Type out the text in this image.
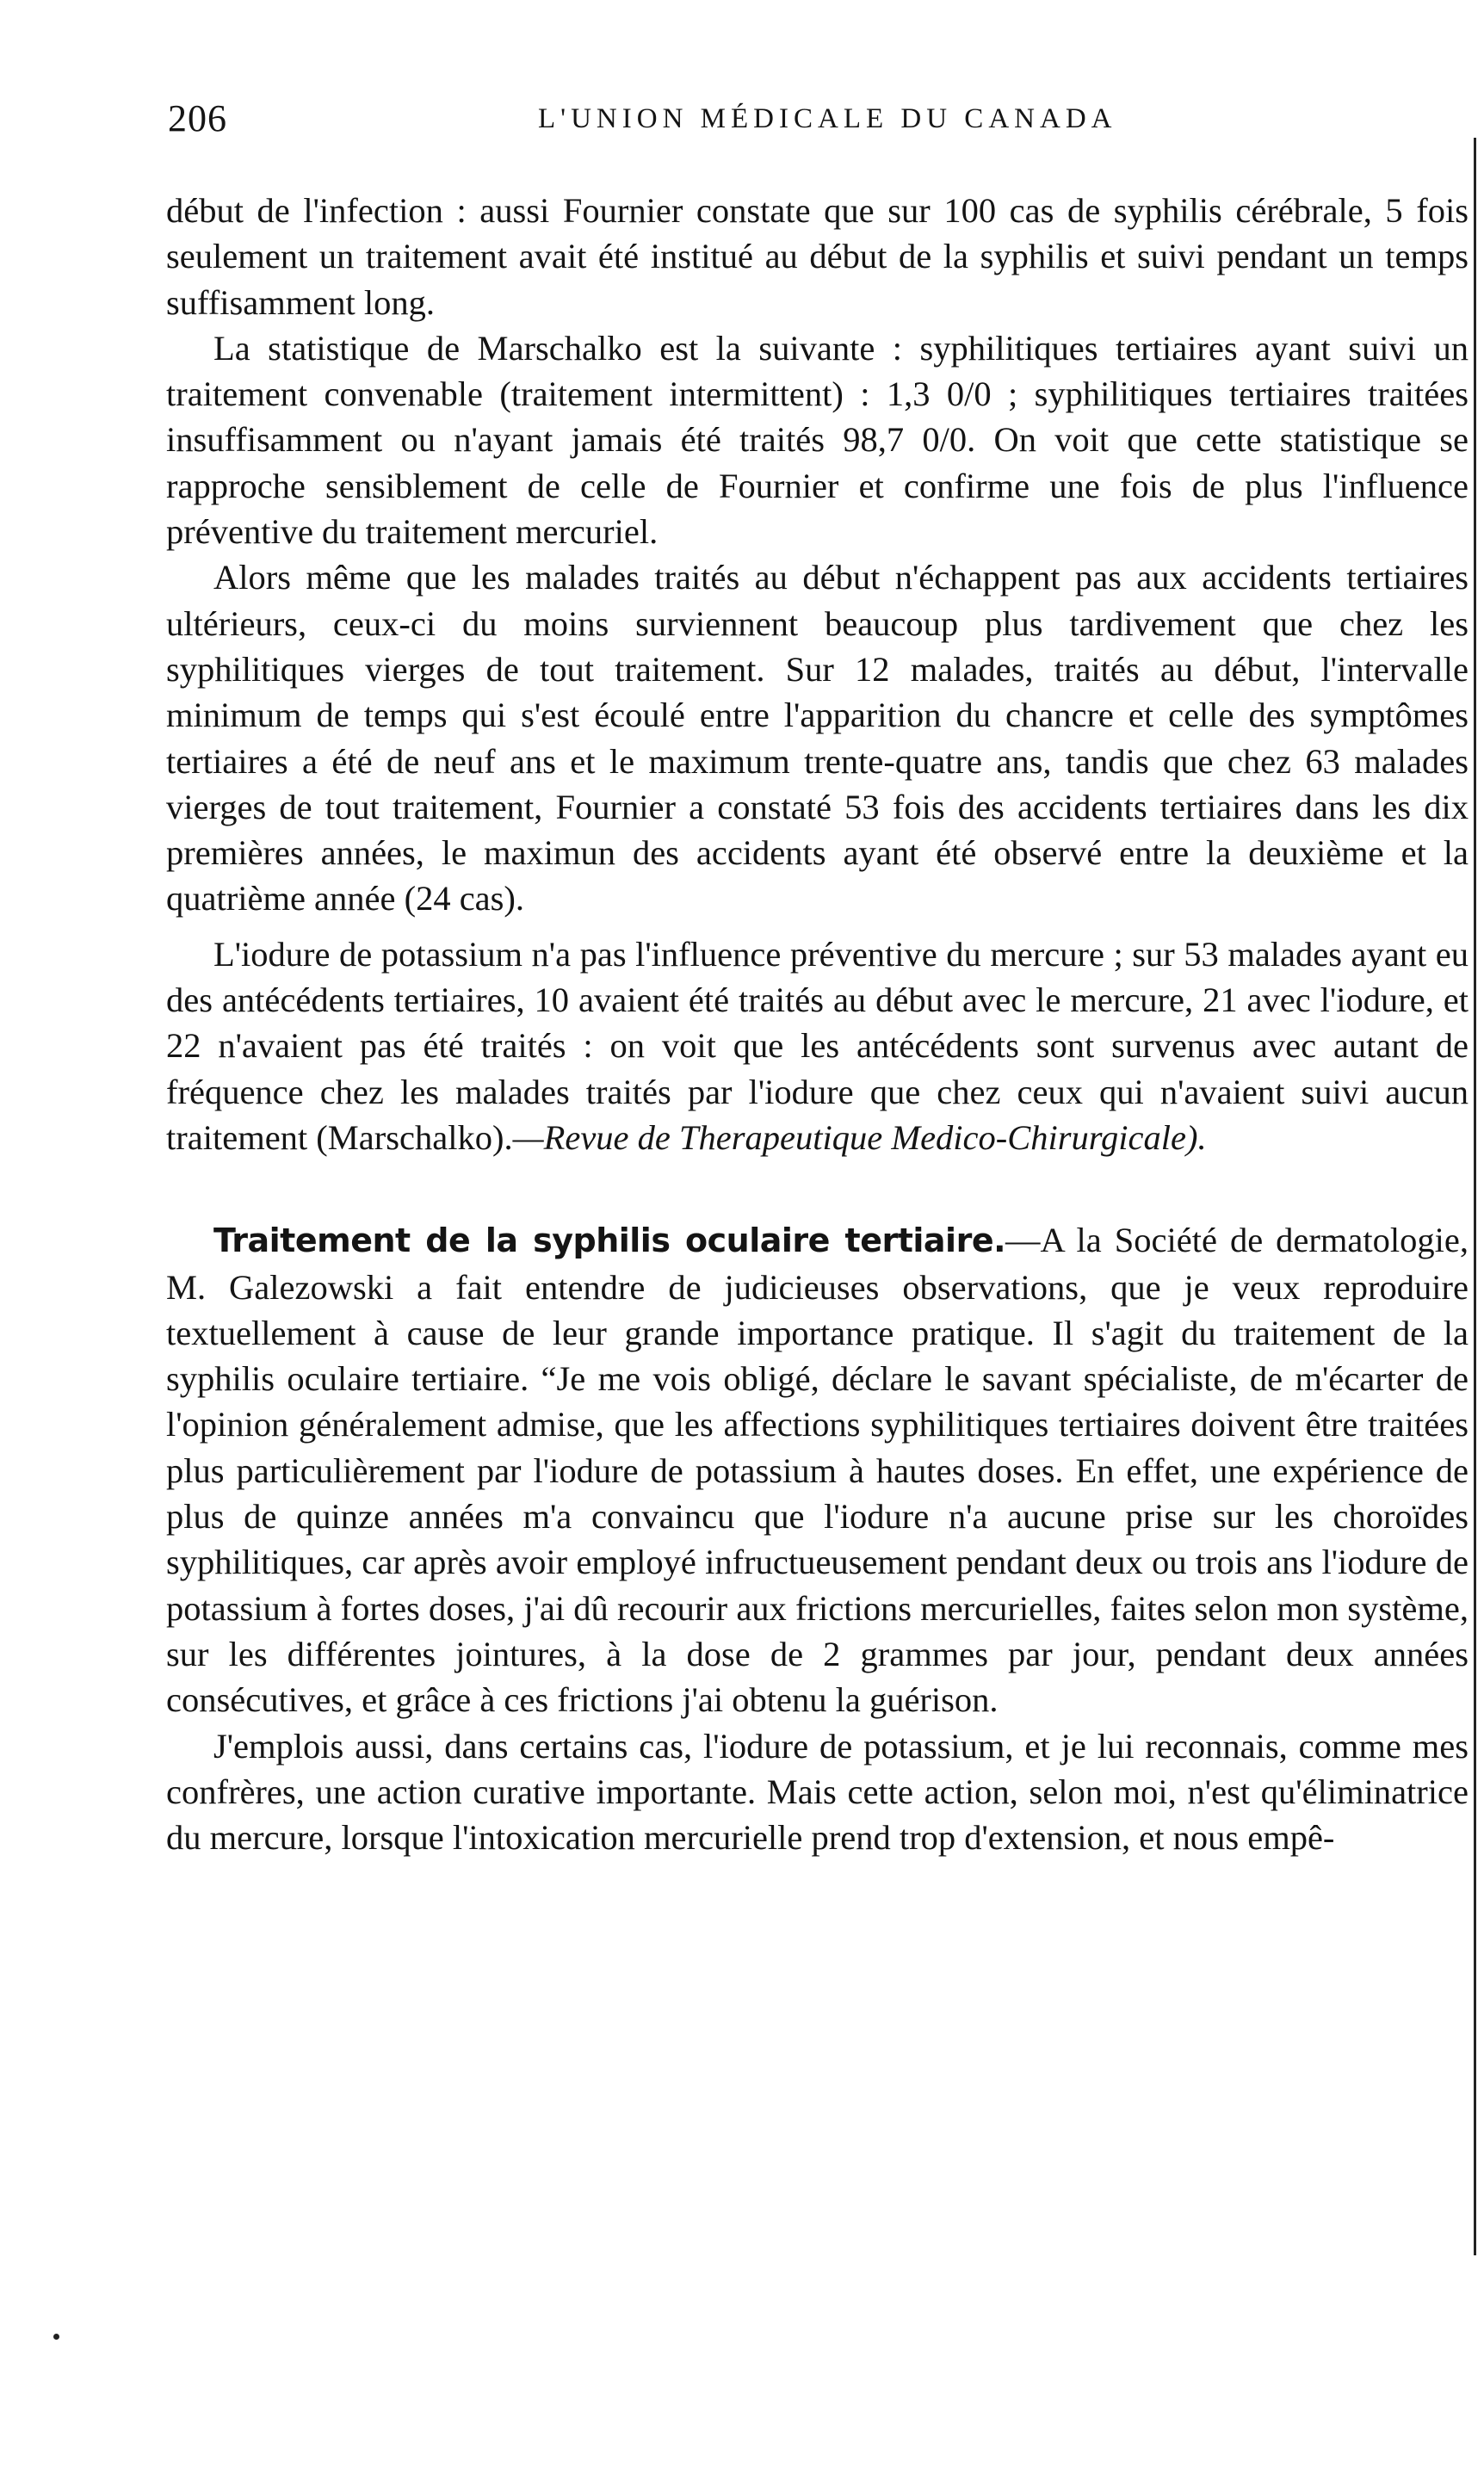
206	L'UNION MÉDICALE DU CANADA

début de l'infection : aussi Fournier constate que sur 100 cas de syphilis cérébrale, 5 fois seulement un traitement avait été institué au début de la syphilis et suivi pendant un temps suffisamment long.

La statistique de Marschalko est la suivante : syphilitiques tertiaires ayant suivi un traitement convenable (traitement intermittent) : 1,3 0/0 ; syphilitiques tertiaires traitées insuffisamment ou n'ayant jamais été traités 98,7 0/0. On voit que cette statistique se rapproche sensiblement de celle de Fournier et confirme une fois de plus l'influence préventive du traitement mercuriel.

Alors même que les malades traités au début n'échappent pas aux accidents tertiaires ultérieurs, ceux-ci du moins surviennent beaucoup plus tardivement que chez les syphilitiques vierges de tout traitement. Sur 12 malades, traités au début, l'intervalle minimum de temps qui s'est écoulé entre l'apparition du chancre et celle des symptômes tertiaires a été de neuf ans et le maximum trente-quatre ans, tandis que chez 63 malades vierges de tout traitement, Fournier a constaté 53 fois des accidents tertiaires dans les dix premières années, le maximun des accidents ayant été observé entre la deuxième et la quatrième année (24 cas).

L'iodure de potassium n'a pas l'influence préventive du mercure ; sur 53 malades ayant eu des antécédents tertiaires, 10 avaient été traités au début avec le mercure, 21 avec l'iodure, et 22 n'avaient pas été traités : on voit que les antécédents sont survenus avec autant de fréquence chez les malades traités par l'iodure que chez ceux qui n'avaient suivi aucun traitement (Marschalko).—Revue de Therapeutique Medico-Chirurgicale).

Traitement de la syphilis oculaire tertiaire.—A la Société de dermatologie, M. Galezowski a fait entendre de judicieuses observations, que je veux reproduire textuellement à cause de leur grande importance pratique. Il s'agit du traitement de la syphilis oculaire tertiaire. “Je me vois obligé, déclare le savant spécialiste, de m'écarter de l'opinion généralement admise, que les affections syphilitiques tertiaires doivent être traitées plus particulièrement par l'iodure de potassium à hautes doses. En effet, une expérience de plus de quinze années m'a convaincu que l'iodure n'a aucune prise sur les choroïdes syphilitiques, car après avoir employé infructueusement pendant deux ou trois ans l'iodure de potassium à fortes doses, j'ai dû recourir aux frictions mercurielles, faites selon mon système, sur les différentes jointures, à la dose de 2 grammes par jour, pendant deux années consécutives, et grâce à ces frictions j'ai obtenu la guérison.

J'emplois aussi, dans certains cas, l'iodure de potassium, et je lui reconnais, comme mes confrères, une action curative importante. Mais cette action, selon moi, n'est qu'éliminatrice du mercure, lorsque l'intoxication mercurielle prend trop d'extension, et nous empê-
